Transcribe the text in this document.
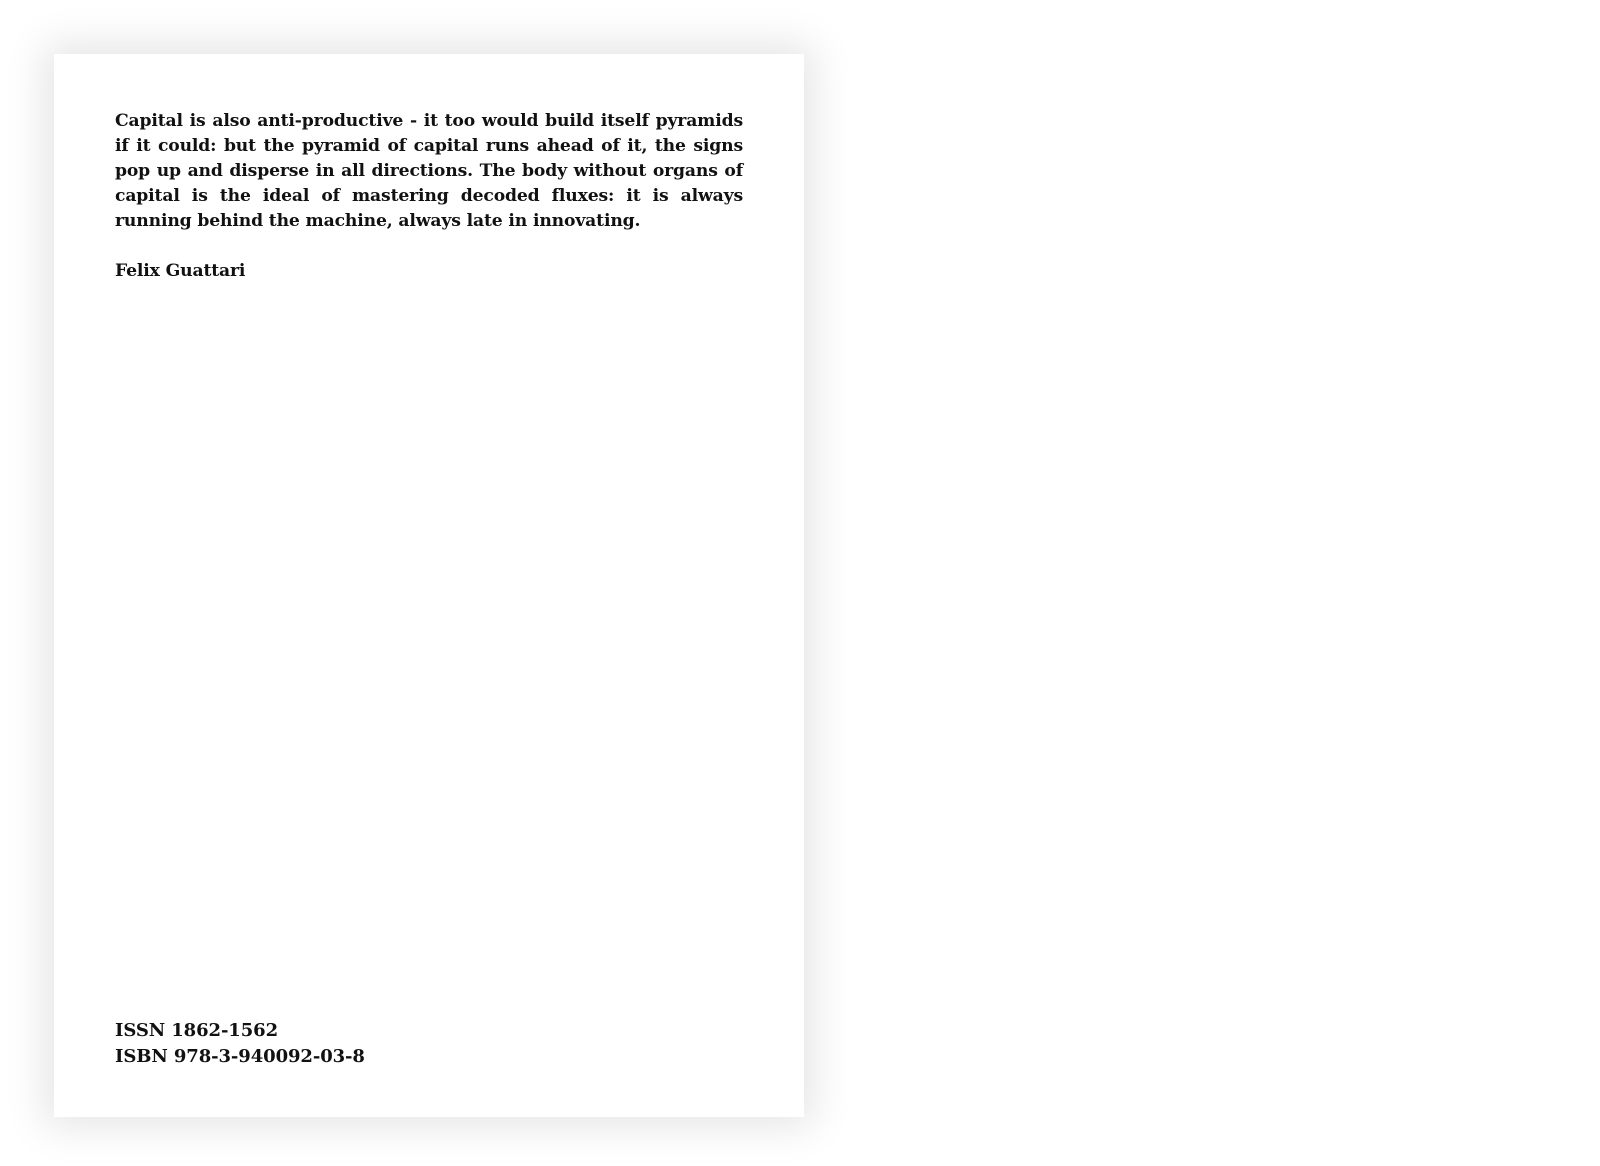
Capital is also anti-productive - it too would build itself pyramids if it could: but the pyramid of capital runs ahead of it, the signs pop up and disperse in all directions. The body without organs of capital is the ideal of mastering decoded fluxes: it is always running behind the machine, always late in innovating.

Felix Guattari

ISSN 1862-1562
ISBN 978-3-940092-03-8
